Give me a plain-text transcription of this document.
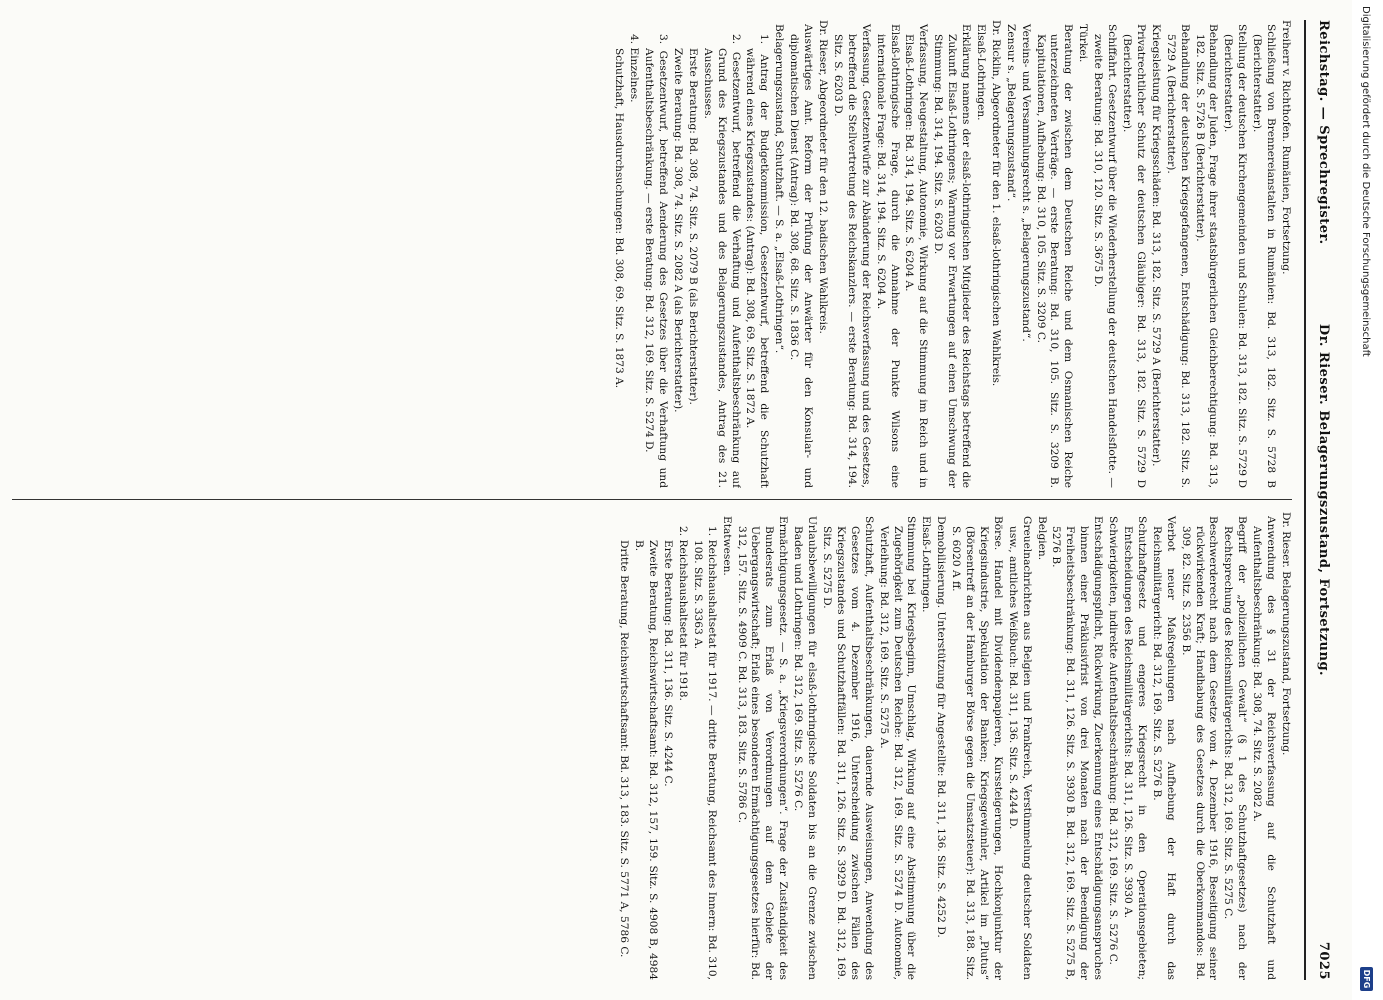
Reichstag. — Sprechregister.
Dr. Rieser. Belagerungszustand, Fortsetzung.
7025
Freiherr v. Richthofen. Rumänien, Fortsetzung.
Schließung von Brennereianstalten in Rumänien: Bd. 313, 182. Sitz. S. 5728 B (Berichterstatter).
Stellung der deutschen Kirchengemeinden und Schulen: Bd. 313, 182. Sitz. S. 5729 D (Berichterstatter).
Behandlung der Juden, Frage ihrer staatsbürgerlichen Gleichberechtigung: Bd. 313, 182. Sitz. S. 5726 B (Berichterstatter).
Behandlung der deutschen Kriegsgefangenen, Entschädigung: Bd. 313, 182. Sitz. S. 5729 A (Berichterstatter).
Kriegsleistung für Kriegsschäden: Bd. 313, 182. Sitz. S. 5729 A (Berichterstatter).
Privatrechtlicher Schutz der deutschen Gläubiger: Bd. 313, 182. Sitz. S. 5729 D (Berichterstatter).
Schiffahrt. Gesetzentwurf über die Wiederherstellung der deutschen Handelsflotte. — zweite Beratung: Bd. 310, 120. Sitz. S. 3675 D.
Türkei.
Beratung der zwischen dem Deutschen Reiche und dem Osmanischen Reiche unterzeichneten Verträge. — erste Beratung: Bd. 310, 105. Sitz. S. 3209 B. Kapitulationen, Aufhebung: Bd. 310, 105. Sitz. S. 3209 C.
Vereins- und Versammlungsrecht s. „Belagerungszustand“.
Zensur s. „Belagerungszustand“.
Dr. Ricklin, Abgeordneter für den 1. elsaß-lothringischen Wahlkreis.
Elsaß-Lothringen.
Erklärung namens der elsaß-lothringischen Mitglieder des Reichstags betreffend die Zukunft Elsaß-Lothringens; Warnung vor Erwartungen auf einen Umschwung der Stimmung: Bd. 314, 194. Sitz. S. 6203 D.
Verfassung, Neugestaltung, Autonomie, Wirkung auf die Stimmung im Reich und in Elsaß-Lothringen: Bd. 314, 194. Sitz. S. 6204 A.
Elsaß-lothringische Frage, durch die Annahme der Punkte Wilsons eine internationale Frage: Bd. 314, 194. Sitz. S. 6204 A.
Verfassung. Gesetzentwürfe zur Abänderung der Reichsverfassung und des Gesetzes, betreffend die Stellvertretung des Reichskanzlers. — erste Beratung: Bd. 314, 194. Sitz. S. 6203 D.
Dr. Rieser, Abgeordneter für den 12. badischen Wahlkreis.
Auswärtiges Amt. Reform der Prüfung der Anwärter für den Konsular- und diplomatischen Dienst (Antrag): Bd. 308, 68. Sitz. S. 1836 C.
Belagerungszustand, Schutzhaft. — S. a. „Elsaß-Lothringen“.
1. Antrag der Budgetkommission, Gesetzentwurf, betreffend die Schutzhaft während eines Kriegszustandes: (Antrag): Bd. 308, 69. Sitz. S. 1872 A.
2. Gesetzentwurf, betreffend die Verhaftung und Aufenthaltsbeschränkung auf Grund des Kriegszustandes und des Belagerungszustandes, Antrag des 21. Ausschusses.
Erste Beratung: Bd. 308, 74. Sitz. S. 2079 B (als Berichterstatter).
Zweite Beratung: Bd. 308, 74. Sitz. S. 2082 A (als Berichterstatter).
3. Gesetzentwurf, betreffend Aenderung des Gesetzes über die Verhaftung und Aufenthaltsbeschränkung. — erste Beratung: Bd. 312, 169. Sitz. S. 5274 D.
4. Einzelnes.
Schutzhaft, Hausdurchsuchungen: Bd. 308, 69. Sitz. S. 1873 A.
Dr. Rieser. Belagerungszustand, Fortsetzung.
Anwendung des § 31 der Reichsverfassung auf die Schutzhaft und Aufenthaltsbeschränkung: Bd. 308, 74. Sitz. S. 2082 A.
Begriff der „polizeilichen Gewalt“ (§ 1 des Schutzhaftgesetzes) nach der Rechtsprechung des Reichsmilitärgerichts: Bd. 312, 169. Sitz. S. 5275 C.
Beschwerderecht nach dem Gesetze vom 4. Dezember 1916, Beseitigung seiner rückwirkenden Kraft; Handhabung des Gesetzes durch die Oberkommandos: Bd. 309, 82. Sitz. S. 2356 B.
Verbot neuer Maßregelungen nach Aufhebung der Haft durch das Reichsmilitärgericht: Bd. 312, 169. Sitz. S. 5276 B.
Schutzhaftgesetz und engeres Kriegsrecht in den Operationsgebieten; Entscheidungen des Reichsmilitärgerichts: Bd. 311, 126. Sitz. S. 3930 A.
Schwierigkeiten, indirekte Aufenthaltsbeschränkung: Bd. 312, 169. Sitz. S. 5276 C.
Entschädigungspflicht, Rückwirkung, Zuerkennung eines Entschädigungsanspruches binnen einer Präklusivfrist von drei Monaten nach der Beendigung der Freiheitsbeschränkung: Bd. 311, 126. Sitz. S. 3930 B. Bd. 312, 169. Sitz. S. 5275 B, 5276 B.
Belgien.
Greuelnachrichten aus Belgien und Frankreich, Verstümmelung deutscher Soldaten usw., amtliches Weißbuch: Bd. 311, 136. Sitz. S. 4244 D.
Börse. Handel mit Dividendenpapieren, Kurssteigerungen, Hochkonjunktur der Kriegsindustrie, Spekulation der Banken; Kriegsgewinnler, Artikel im „Plutus“ (Börsentreff an der Hamburger Börse gegen die Umsatzsteuer): Bd. 313, 188. Sitz. S. 6020 A ff.
Demobilisierung. Unterstützung für Angestellte: Bd. 311, 136. Sitz. S. 4252 D.
Elsaß-Lothringen.
Stimmung bei Kriegsbeginn, Umschlag, Wirkung auf eine Abstimmung über die Zugehörigkeit zum Deutschen Reiche: Bd. 312, 169. Sitz. S. 5274 D. Autonomie, Verleihung: Bd. 312, 169. Sitz. S. 5275 A.
Schutzhaft, Aufenthaltsbeschränkungen, dauernde Ausweisungen, Anwendung des Gesetzes vom 4. Dezember 1916, Unterscheidung zwischen Fällen des Kriegszustandes und Schutzhaftfällen: Bd. 311, 126. Sitz. S. 3929 D. Bd. 312, 169. Sitz. S. 5275 D.
Urlaubsbewilligungen für elsaß-lothringische Soldaten bis an die Grenze zwischen Baden und Lothringen: Bd. 312, 169. Sitz. S. 5276 C.
Ermächtigungsgesetz. — S. a. „Kriegsverordnungen“. Frage der Zuständigkeit des Bundesrats zum Erlaß von Verordnungen auf dem Gebiete der Uebergangswirtschaft; Erlaß eines besonderen Ermächtigungsgesetzes hierfür: Bd. 312, 157. Sitz. S. 4909 C. Bd. 313, 183. Sitz. S. 5786 C.
Etatwesen.
1. Reichshaushaltsetat für 1917. — dritte Beratung, Reichsamt des Innern: Bd. 310, 108. Sitz. S. 3363 A.
2. Reichshaushaltsetat für 1918.
Erste Beratung: Bd. 311, 136. Sitz. S. 4244 C.
Zweite Beratung, Reichswirtschaftsamt: Bd. 312, 157, 159. Sitz. S. 4908 B, 4984 B.
Dritte Beratung, Reichswirtschaftsamt: Bd. 313, 183. Sitz. S. 5771 A, 5786 C.
Digitalisierung gefördert durch die Deutsche Forschungsgemeinschaft
DFG
